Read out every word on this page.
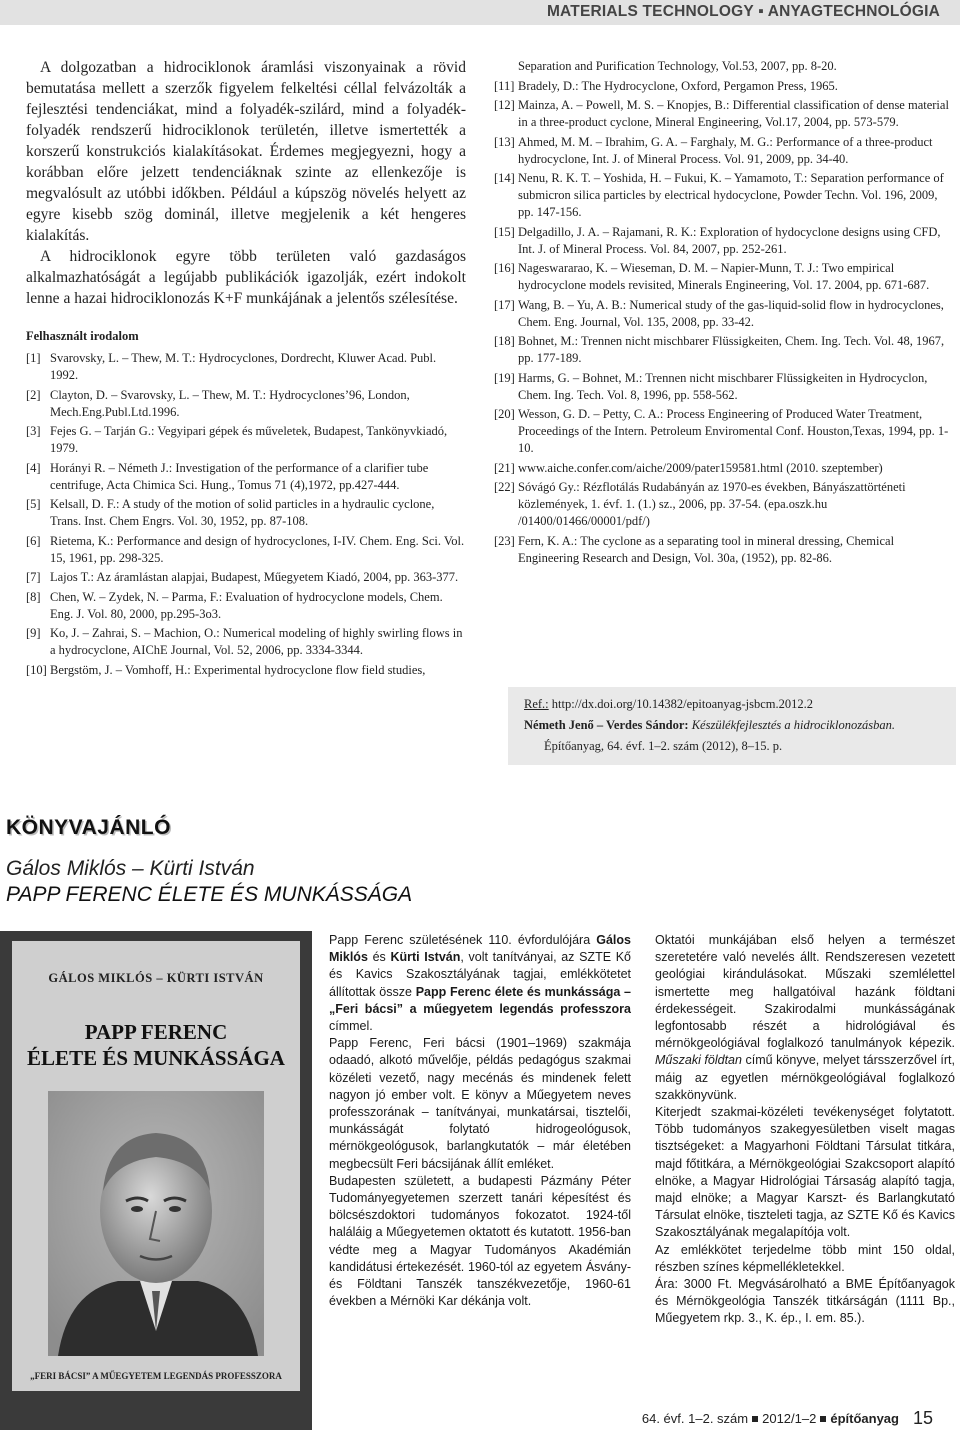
MATERIALS TECHNOLOGY ▪ ANYAGTECHNOLÓGIA

A dolgozatban a hidrociklonok áramlási viszonyainak a rövid bemutatása mellett a szerzők figyelem felkeltési céllal felvázolták a fejlesztési tendenciákat, mind a folyadék-szilárd, mind a folyadék-folyadék rendszerű hidrociklonok területén, illetve ismertették a korszerű konstrukciós kialakításokat. Érdemes megjegyezni, hogy a korábban előre jelzett tendenciáknak szinte az ellenkezője is megvalósult az utóbbi időkben. Például a kúpszög növelés helyett az egyre kisebb szög dominál, illetve megjelenik a két hengeres kialakítás.

A hidrociklonok egyre több területen való gazdaságos alkalmazhatóságát a legújabb publikációk igazolják, ezért indokolt lenne a hazai hidrociklonozás K+F munkájának a jelentős szélesítése.

Felhasznált irodalom
[1] Svarovsky, L. – Thew, M. T.: Hydrocyclones, Dordrecht, Kluwer Acad. Publ. 1992.
[2] Clayton, D. – Svarovsky, L. – Thew, M. T.: Hydrocyclones’96, London, Mech.Eng.Publ.Ltd.1996.
[3] Fejes G. – Tarján G.: Vegyipari gépek és műveletek, Budapest, Tankönyvkiadó, 1979.
[4] Horányi R. – Németh J.: Investigation of the performance of a clarifier tube centrifuge, Acta Chimica Sci. Hung., Tomus 71 (4),1972, pp.427-444.
[5] Kelsall, D. F.: A study of the motion of solid particles in a hydraulic cyclone, Trans. Inst. Chem Engrs. Vol. 30, 1952, pp. 87-108.
[6] Rietema, K.: Performance and design of hydrocyclones, I-IV. Chem. Eng. Sci. Vol. 15, 1961, pp. 298-325.
[7] Lajos T.: Az áramlástan alapjai, Budapest, Műegyetem Kiadó, 2004, pp. 363-377.
[8] Chen, W. – Zydek, N. – Parma, F.: Evaluation of hydrocyclone models, Chem. Eng. J. Vol. 80, 2000, pp.295-3o3.
[9] Ko, J. – Zahrai, S. – Machion, O.: Numerical modeling of highly swirling flows in a hydrocyclone, AIChE Journal, Vol. 52, 2006, pp. 3334-3344.
[10] Bergstöm, J. – Vomhoff, H.: Experimental hydrocyclone flow field studies,
Separation and Purification Technology, Vol.53, 2007, pp. 8-20.
[11] Bradely, D.: The Hydrocyclone, Oxford, Pergamon Press, 1965.
[12] Mainza, A. – Powell, M. S. – Knopjes, B.: Differential classification of dense material in a three-product cyclone, Mineral Engineering, Vol.17, 2004, pp. 573-579.
[13] Ahmed, M. M. – Ibrahim, G. A. – Farghaly, M. G.: Performance of a three-product hydrocyclone, Int. J. of Mineral Process. Vol. 91, 2009, pp. 34-40.
[14] Nenu, R. K. T. – Yoshida, H. – Fukui, K. – Yamamoto, T.: Separation performance of submicron silica particles by electrical hydocyclone, Powder Techn. Vol. 196, 2009, pp. 147-156.
[15] Delgadillo, J. A. – Rajamani, R. K.: Exploration of hydocyclone designs using CFD, Int. J. of Mineral Process. Vol. 84, 2007, pp. 252-261.
[16] Nageswararao, K. – Wieseman, D. M. – Napier-Munn, T. J.: Two empirical hydrocyclone models revisited, Minerals Engineering, Vol. 17. 2004, pp. 671-687.
[17] Wang, B. – Yu, A. B.: Numerical study of the gas-liquid-solid flow in hydrocyclones, Chem. Eng. Journal, Vol. 135, 2008, pp. 33-42.
[18] Bohnet, M.: Trennen nicht mischbarer Flüssigkeiten, Chem. Ing. Tech. Vol. 48, 1967, pp. 177-189.
[19] Harms, G. – Bohnet, M.: Trennen nicht mischbarer Flüssigkeiten in Hydrocyclon, Chem. Ing. Tech. Vol. 8, 1996, pp. 558-562.
[20] Wesson, G. D. – Petty, C. A.: Process Engineering of Produced Water Treatment, Proceedings of the Intern. Petroleum Enviromental Conf. Houston,Texas, 1994, pp. 1-10.
[21] www.aiche.confer.com/aiche/2009/pater159581.html (2010. szeptember)
[22] Sóvágó Gy.: Rézflotálás Rudabányán az 1970-es években, Bányászattörténeti közlemények, 1. évf. 1. (1.) sz., 2006, pp. 37-54. (epa.oszk.hu /01400/01466/00001/pdf/)
[23] Fern, K. A.: The cyclone as a separating tool in mineral dressing, Chemical Engineering Research and Design, Vol. 30a, (1952), pp. 82-86.
Ref.: http://dx.doi.org/10.14382/epitoanyag-jsbcm.2012.2
Németh Jenő – Verdes Sándor: Készülékfejlesztés a hidrociklonozásban.
Építőanyag, 64. évf. 1–2. szám (2012), 8–15. p.
KÖNYVAJÁNLÓ
Gálos Miklós – Kürti István
PAPP FERENC ÉLETE ÉS MUNKÁSSÁGA
GÁLOS MIKLÓS – KÜRTI ISTVÁN
PAPP FERENC
ÉLETE ÉS MUNKÁSSÁGA
„FERI BÁCSI” A MŰEGYETEM LEGENDÁS PROFESSZORA

Papp Ferenc születésének 110. évfordulójára Gálos Miklós és Kürti István, volt tanítványai, az SZTE Kő és Kavics Szakosztályának tagjai, emlékkötetet állítottak össze Papp Ferenc élete és munkássága – „Feri bácsi” a műegyetem legendás professzora címmel.

Papp Ferenc, Feri bácsi (1901–1969) szakmája odaadó, alkotó művelője, példás pedagógus szakmai közéleti vezető, nagy mecénás és mindenek felett nagyon jó ember volt. E könyv a Műegyetem neves professzorának – tanítványai, munkatársai, tisztelői, munkásságát folytató hidrogeológusok, mérnökgeológusok, barlangkutatók – már életében megbecsült Feri bácsijának állít emléket.

Budapesten született, a budapesti Pázmány Péter Tudományegyetemen szerzett tanári képesítést és bölcsészdoktori tudományos fokozatot. 1924-től haláláig a Műegyetemen oktatott és kutatott. 1956-ban védte meg a Magyar Tudományos Akadémián kandidátusi értekezését. 1960-tól az egyetem Ásvány- és Földtani Tanszék tanszékvezetője, 1960-61 években a Mérnöki Kar dékánja volt.

Oktatói munkájában első helyen a természet szeretetére való nevelés állt. Rendszeresen vezetett geológiai kirándulásokat. Műszaki szemlélettel ismertette meg hallgatóival hazánk földtani érdekességeit. Szakirodalmi munkásságának legfontosabb részét a hidrológiával és mérnökgeológiával foglalkozó tanulmányok képezik. Műszaki földtan című könyve, melyet társszerzővel írt, máig az egyetlen mérnökgeológiával foglalkozó szakkönyvünk.

Kiterjedt szakmai-közéleti tevékenységet folytatott. Több tudományos szakegyesületben viselt magas tisztségeket: a Magyarhoni Földtani Társulat titkára, majd főtitkára, a Mérnökgeológiai Szakcsoport alapító elnöke, a Magyar Hidrológiai Társaság alapító tagja, majd elnöke; a Magyar Karszt- és Barlangkutató Társulat elnöke, tiszteleti tagja, az SZTE Kő és Kavics Szakosztályának megalapítója volt.

Az emlékkötet terjedelme több mint 150 oldal, részben színes képmellékletekkel.

Ára: 3000 Ft. Megvásárolható a BME Építőanyagok és Mérnökgeológia Tanszék titkárságán (1111 Bp., Műegyetem rkp. 3., K. ép., I. em. 85.).

64. évf. 1–2. szám 2012/1–2 építőanyag 15
